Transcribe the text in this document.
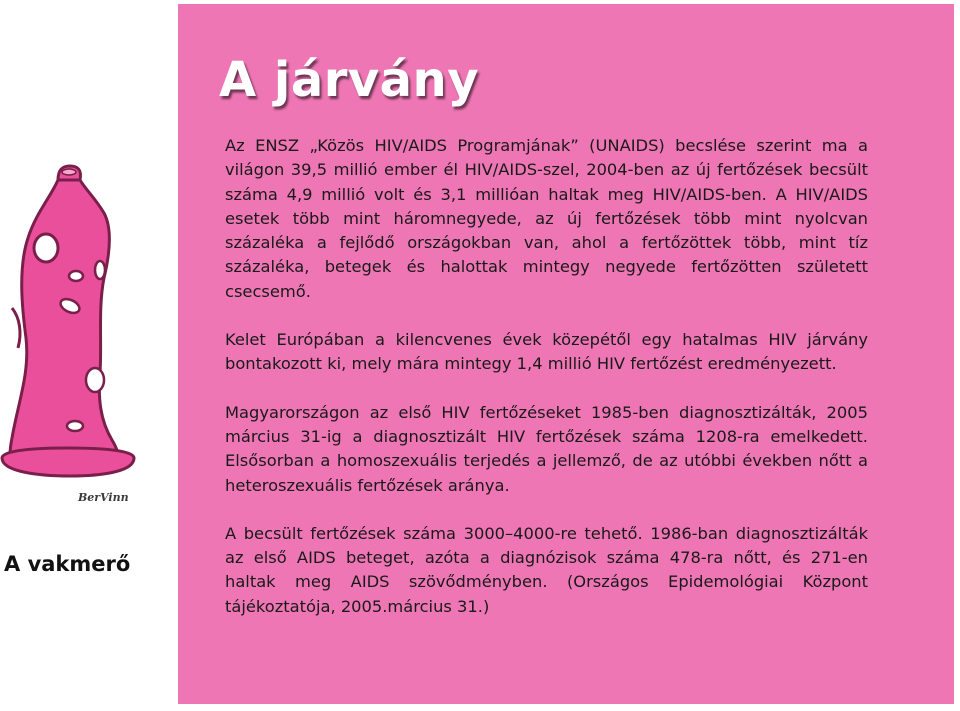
BerVinn
A vakmerő
A járvány

Az ENSZ „Közös HIV/AIDS Programjának” (UNAIDS) becslése szerint ma a világon 39,5 millió ember él HIV/AIDS-szel, 2004-ben az új fertőzések becsült száma 4,9 millió volt és 3,1 millióan haltak meg HIV/AIDS-ben. A HIV/AIDS esetek több mint háromnegyede, az új fertőzések több mint nyolcvan százaléka a fejlődő országokban van, ahol a fertőzöttek több, mint tíz százaléka, betegek és halottak mintegy negyede fertőzötten született csecsemő.

Kelet Európában a kilencvenes évek közepétől egy hatalmas HIV járvány bontakozott ki, mely mára mintegy 1,4 millió HIV fertőzést eredményezett.

Magyarországon az első HIV fertőzéseket 1985-ben diagnosztizálták, 2005 március 31-ig a diagnosztizált HIV fertőzések száma 1208-ra emelkedett. Elsősorban a homoszexuális terjedés a jellemző, de az utóbbi években nőtt a heteroszexuális fertőzések aránya.

A becsült fertőzések száma 3000–4000-re tehető. 1986-ban diagnosztizálták az első AIDS beteget, azóta a diagnózisok száma 478-ra nőtt, és 271-en haltak meg AIDS szövődményben. (Országos Epidemológiai Központ tájékoztatója, 2005.március 31.)
